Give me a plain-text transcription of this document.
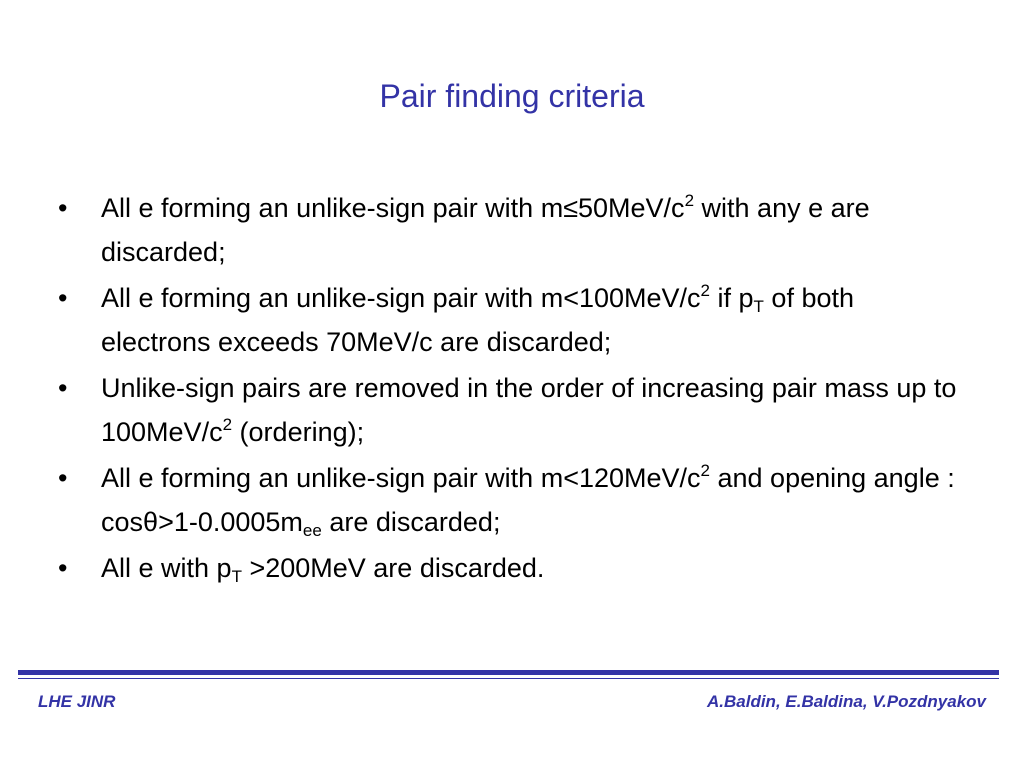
Pair finding criteria
• All e forming an unlike-sign pair with $m\le 50MeV/c^2$ with any e are discarded;
• All e forming an unlike-sign pair with $m<100MeV/c^2$ if $p_T$ of both electrons exceeds 70MeV/c are discarded;
• Unlike-sign pairs are removed in the order of increasing pair mass up to $100MeV/c^2$ (ordering);
• All e forming an unlike-sign pair with $m<120MeV/c^2$ and opening angle : $\cos\theta>1-0.0005m_{ee}$ are discarded;
• All e with $p_T >200MeV$ are discarded.
LHE JINR	A.Baldin, E.Baldina, V.Pozdnyakov
